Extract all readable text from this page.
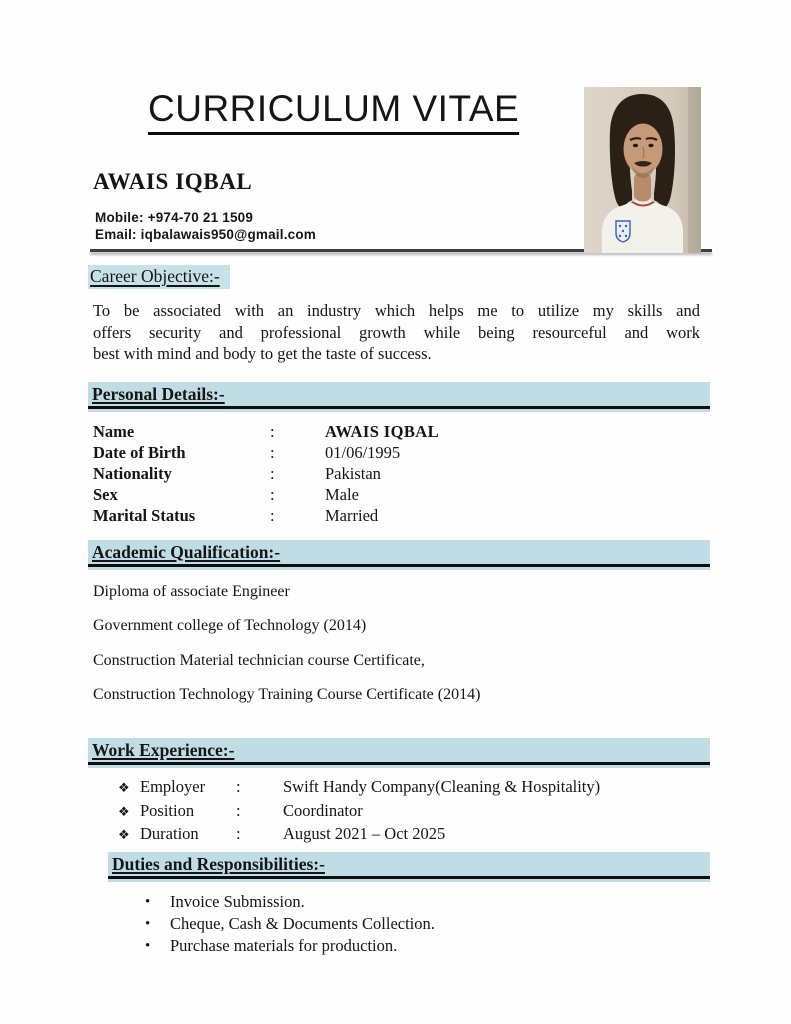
CURRICULUM VITAE
AWAIS IQBAL
Mobile: +974-70 21 1509
Email: iqbalawais950@gmail.com
Career Objective:-
To be associated with an industry which helps me to utilize my skills and
offers security and professional growth while being resourceful and work
best with mind and body to get the taste of success.
Personal Details:-
Name	:	AWAIS IQBAL
Date of Birth	:	01/06/1995
Nationality	:	Pakistan
Sex	:	Male
Marital Status	:	Married
Academic Qualification:-
Diploma of associate Engineer
Government college of Technology (2014)
Construction Material technician course Certificate,
Construction Technology Training Course Certificate (2014)
Work Experience:-
❖ Employer	:	Swift Handy Company(Cleaning & Hospitality)
❖ Position	:	Coordinator
❖ Duration	:	August 2021 – Oct 2025
Duties and Responsibilities:-
•	Invoice Submission.
•	Cheque, Cash & Documents Collection.
•	Purchase materials for production.
